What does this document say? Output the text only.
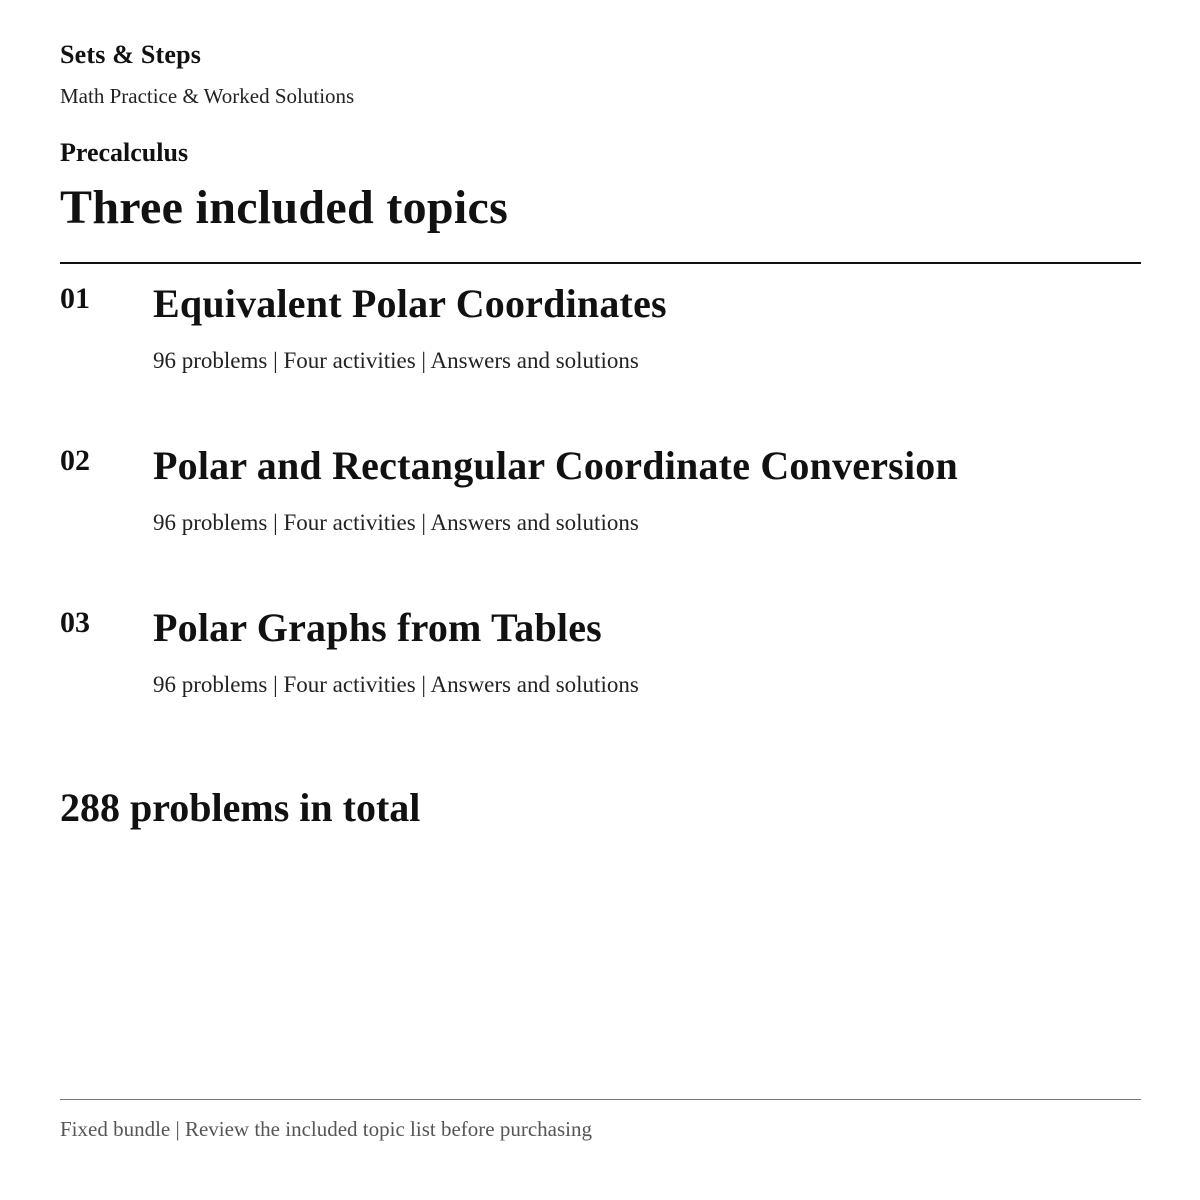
Sets & Steps
Math Practice & Worked Solutions
Precalculus
Three included topics
01 Equivalent Polar Coordinates
96 problems | Four activities | Answers and solutions
02 Polar and Rectangular Coordinate Conversion
96 problems | Four activities | Answers and solutions
03 Polar Graphs from Tables
96 problems | Four activities | Answers and solutions
288 problems in total
Fixed bundle | Review the included topic list before purchasing
